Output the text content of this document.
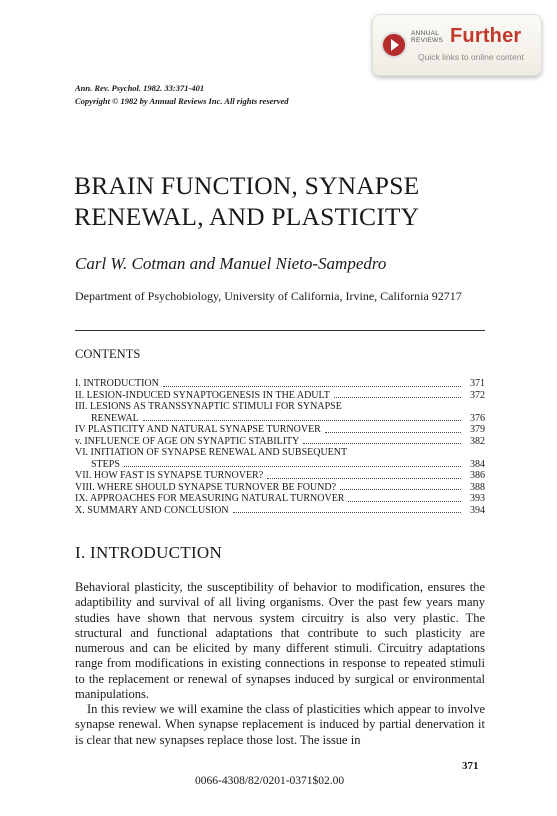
ANNUAL REVIEWS Further
Quick links to online content
Ann. Rev. Psychol. 1982. 33:371-401
Copyright © 1982 by Annual Reviews Inc. All rights reserved
BRAIN FUNCTION, SYNAPSE
RENEWAL, AND PLASTICITY
Carl W. Cotman and Manuel Nieto-Sampedro
Department of Psychobiology, University of California, Irvine, California 92717
CONTENTS
I. INTRODUCTION	371
II. LESION-INDUCED SYNAPTOGENESIS IN THE ADULT	372
III. LESIONS AS TRANSSYNAPTIC STIMULI FOR SYNAPSE
RENEWAL	376
IV PLASTICITY AND NATURAL SYNAPSE TURNOVER	379
v. INFLUENCE OF AGE ON SYNAPTIC STABILITY	382
VI. INITIATION OF SYNAPSE RENEWAL AND SUBSEQUENT
STEPS	384
VII. HOW FAST IS SYNAPSE TURNOVER?	386
VIII. WHERE SHOULD SYNAPSE TURNOVER BE FOUND?	388
IX. APPROACHES FOR MEASURING NATURAL TURNOVER	393
X. SUMMARY AND CONCLUSION	394
I. INTRODUCTION

Behavioral plasticity, the susceptibility of behavior to modification, ensures the adaptibility and survival of all living organisms. Over the past few years many studies have shown that nervous system circuitry is also very plastic. The structural and functional adaptations that contribute to such plasticity are numerous and can be elicited by many different stimuli. Circuitry adaptations range from modifications in existing connections in response to repeated stimuli to the replacement or renewal of synapses induced by surgical or environmental manipulations.

In this review we will examine the class of plasticities which appear to involve synapse renewal. When synapse replacement is induced by partial denervation it is clear that new synapses replace those lost. The issue in

371
0066-4308/82/0201-0371$02.00
